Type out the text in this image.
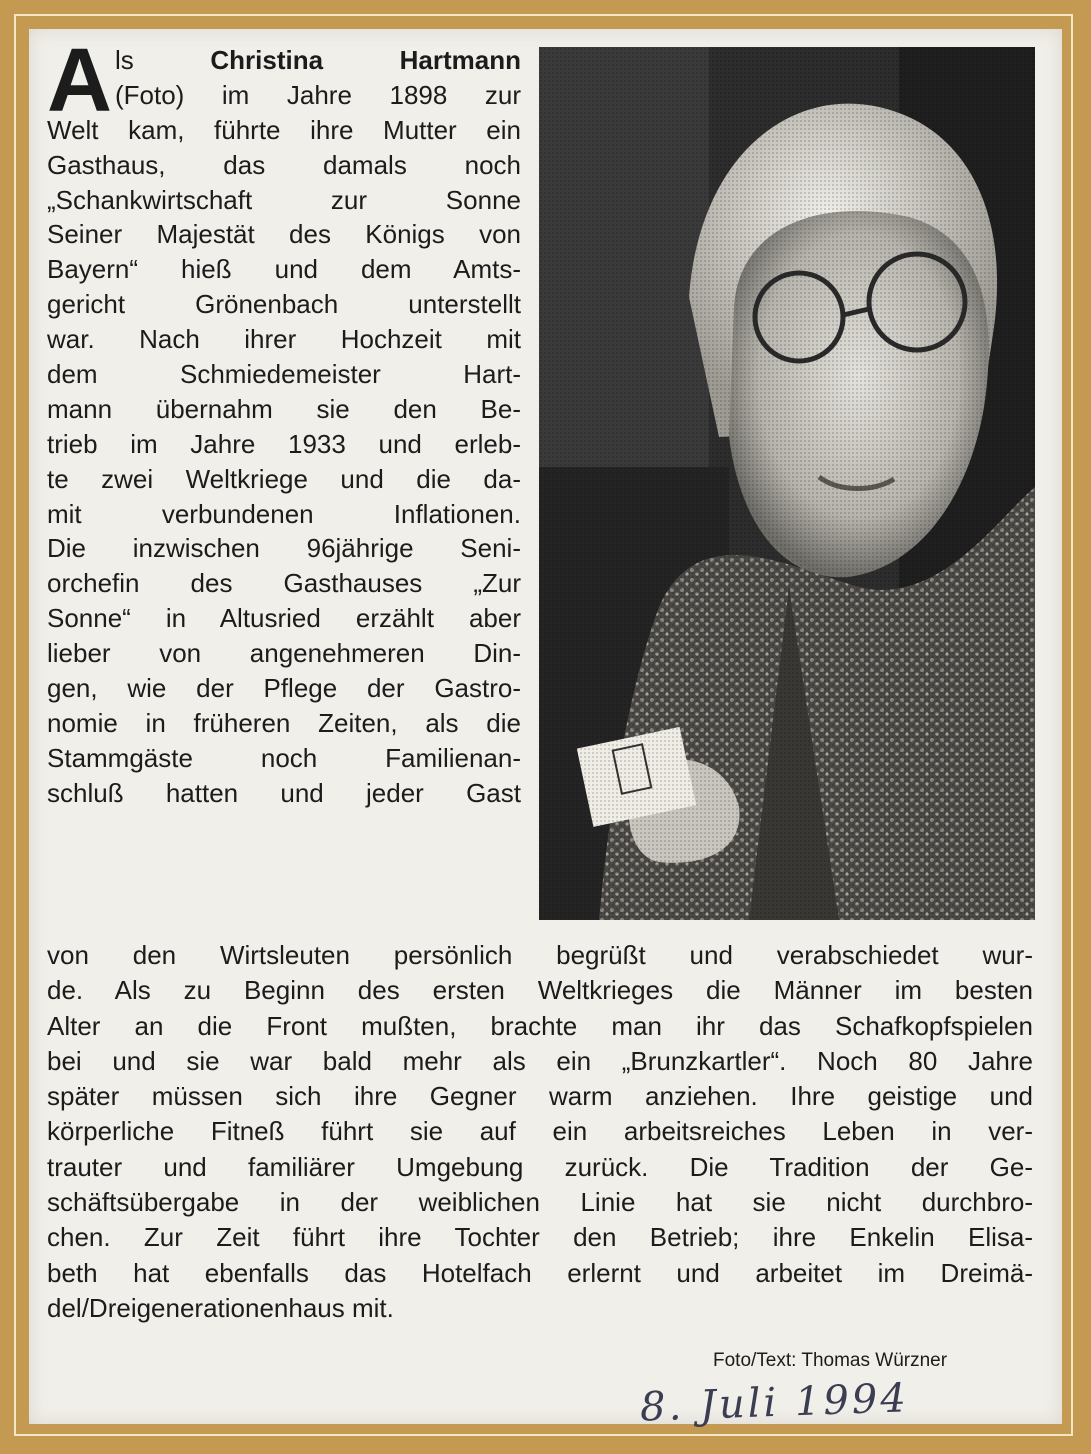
A ls	Christina Hartmann
(Foto) im Jahre 1898 zur
Welt kam, führte ihre Mutter ein
Gasthaus, das damals noch
„Schankwirtschaft zur Sonne
Seiner Majestät des Königs von
Bayern“ hieß und dem Amts-
gericht Grönenbach unterstellt
war. Nach ihrer Hochzeit mit
dem Schmiedemeister Hart-
mann übernahm sie den Be-
trieb im Jahre 1933 und erleb-
te zwei Weltkriege und die da-
mit verbundenen Inflationen.
Die inzwischen 96jährige Seni-
orchefin des Gasthauses „Zur
Sonne“ in Altusried erzählt aber
lieber von angenehmeren Din-
gen, wie der Pflege der Gastro-
nomie in früheren Zeiten, als die
Stammgäste noch Familienan-
schluß hatten und jeder Gast
von den Wirtsleuten persönlich begrüßt und verabschiedet wur-
de. Als zu Beginn des ersten Weltkrieges die Männer im besten
Alter an die Front mußten, brachte man ihr das Schafkopfspielen
bei und sie war bald mehr als ein „Brunzkartler“. Noch 80 Jahre
später müssen sich ihre Gegner warm anziehen. Ihre geistige und
körperliche Fitneß führt sie auf ein arbeitsreiches Leben in ver-
trauter und familiärer Umgebung zurück. Die Tradition der Ge-
schäftsübergabe in der weiblichen Linie hat sie nicht durchbro-
chen. Zur Zeit führt ihre Tochter den Betrieb; ihre Enkelin Elisa-
beth hat ebenfalls das Hotelfach erlernt und arbeitet im Dreimä-
del/Dreigenerationenhaus mit.
Foto/Text: Thomas Würzner
8. Juli 1994
